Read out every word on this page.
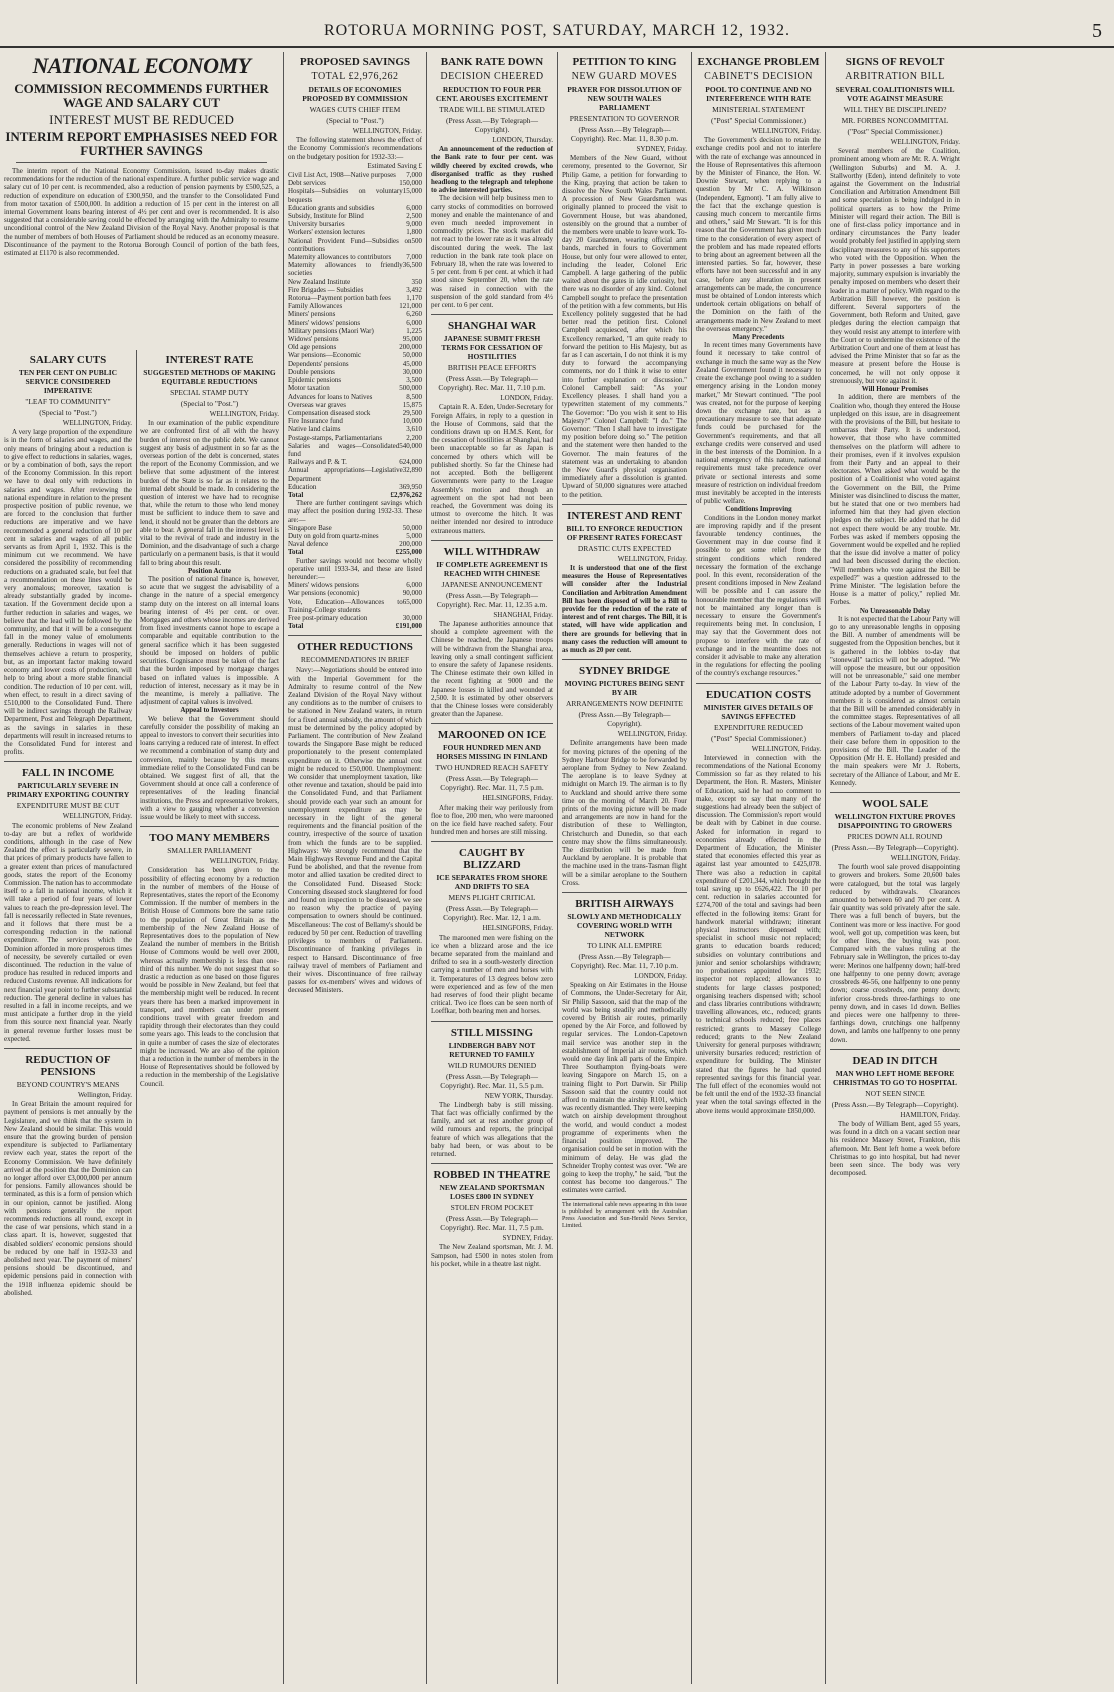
ROTORUA MORNING POST, SATURDAY, MARCH 12, 1932.	5
NATIONAL ECONOMY
COMMISSION RECOMMENDS FURTHER WAGE AND SALARY CUT
INTEREST MUST BE REDUCED
INTERIM REPORT EMPHASISES NEED FOR FURTHER SAVINGS

The interim report of the National Economy Commission, issued to-day makes drastic recommendations for the reduction of the national expenditure. A further public service wage and salary cut of 10 per cent. is recommended, also a reduction of pension payments by £500,525, a reduction of expenditure on education of £300,950, and the transfer to the Consolidated Fund from motor taxation of £500,000. In addition a reduction of 15 per cent in the interest on all internal Government loans bearing interest of 4½ per cent and over is recommended. It is also suggested that a considerable saving could be effected by arranging with the Admiralty to resume unconditional control of the New Zealand Division of the Royal Navy. Another proposal is that the number of members of both Houses of Parliament should be reduced as an economy measure. Discontinuance of the payment to the Rotorua Borough Council of portion of the bath fees, estimated at £1170 is also recommended.

SALARY CUTS
TEN PER CENT ON PUBLIC SERVICE CONSIDERED IMPERATIVE
"LEAF TO COMMUNITY"
(Special to "Post.")
WELLINGTON, Friday.

A very large proportion of the expenditure is in the form of salaries and wages, and the only means of bringing about a reduction is to give effect to reductions in salaries, wages, or by a combination of both, says the report of the Economy Commission. In this report we have to deal only with reductions in salaries and wages. After reviewing the national expenditure in relation to the present prospective position of public revenue, we are forced to the conclusion that further reductions are imperative and we have recommended a general reduction of 10 per cent in salaries and wages of all public servants as from April 1, 1932. This is the minimum cut we recommend. We have considered the possibility of recommending reductions on a graduated scale, but feel that a recommendation on these lines would be very anomalous; moreover, taxation is already substantially graded by income-taxation. If the Government decide upon a further reduction in salaries and wages, we believe that the lead will be followed by the community, and that it will be a consequent fall in the money value of emoluments generally. Reductions in wages will not of themselves achieve a return to prosperity, but, as an important factor making toward economy and lower costs of production, will help to bring about a more stable financial condition. The reduction of 10 per cent. will, when effect, to result in a direct saving of £510,000 to the Consolidated Fund. There will be indirect savings through the Railway Department, Post and Telegraph Department, as the savings in salaries in these departments will result in increased returns to the Consolidated Fund for interest and profits.

FALL IN INCOME
PARTICULARLY SEVERE IN PRIMARY EXPORTING COUNTRY
EXPENDITURE MUST BE CUT
WELLINGTON, Friday.

The economic problems of New Zealand to-day are but a reflex of worldwide conditions, although in the case of New Zealand the effect is particularly severe, in that prices of primary products have fallen to a greater extent than prices of manufactured goods, states the report of the Economy Commission. The nation has to accommodate itself to a fall in national income, which it will take a period of four years of lower values to reach the pre-depression level. The fall is necessarily reflected in State revenues, and it follows that there must be a corresponding reduction in the national expenditure. The services which the Dominion afforded in more prosperous times of necessity, be severely curtailed or even discontinued. The reduction in the value of produce has resulted in reduced imports and reduced Customs revenue. All indications for next financial year point to further substantial reduction. The general decline in values has resulted in a fall in income receipts, and we must anticipate a further drop in the yield from this source next financial year. Nearly in general revenue further losses must be expected.

REDUCTION OF PENSIONS
BEYOND COUNTRY'S MEANS
Wellington, Friday.

In Great Britain the amount required for payment of pensions is met annually by the Legislature, and we think that the system in New Zealand should be similar. This would ensure that the growing burden of pension expenditure is subjected to Parliamentary review each year, states the report of the Economy Commission. We have definitely arrived at the position that the Dominion can no longer afford over £3,000,000 per annum for pensions. Family allowances should be terminated, as this is a form of pension which in our opinion, cannot be justified. Along with pensions generally the report recommends reductions all round, except in the case of war pensions, which stand in a class apart. It is, however, suggested that disabled soldiers' economic pensions should be reduced by one half in 1932-33 and abolished next year. The payment of miners' pensions should be discontinued, and epidemic pensions paid in connection with the 1918 influenza epidemic should be abolished.

INTEREST RATE
SUGGESTED METHODS OF MAKING EQUITABLE REDUCTIONS
SPECIAL STAMP DUTY
(Special to "Post.")
WELLINGTON, Friday.

In our examination of the public expenditure we are confronted first of all with the heavy burden of interest on the public debt. We cannot suggest any basis of adjustment in so far as the overseas portion of the debt is concerned, states the report of the Economy Commission, and we believe that some adjustment of the interest burden of the State is so far as it relates to the internal debt should be made. In considering the question of interest we have had to recognise that, while the return to those who lend money must be sufficient to induce them to save and lend, it should not be greater than the debtors are able to bear. A general fall in the interest level is vital to the revival of trade and industry in the Dominion, and the disadvantage of such a charge particularly on a permanent basis, is that it would fall to bring about this result.

Position Acute

The position of national finance is, however, so acute that we suggest the advisability of a change in the nature of a special emergency stamp duty on the interest on all internal loans bearing interest of 4½ per cent. or over. Mortgages and others whose incomes are derived from fixed investments cannot hope to escape a comparable and equitable contribution to the general sacrifice which it has been suggested should be imposed on holders of public securities. Cognisance must be taken of the fact that the burden imposed by mortgage charges based on inflated values is impossible. A reduction of interest, necessary as it may be in the meantime, is merely a palliative. The adjustment of capital values is involved.

Appeal to Investors

We believe that the Government should carefully consider the possibility of making an appeal to investors to convert their securities into loans carrying a reduced rate of interest. In effect we recommend a combination of stamp duty and conversion, mainly because by this means immediate relief to the Consolidated Fund can be obtained. We suggest first of all, that the Government should at once call a conference of representatives of the leading financial institutions, the Press and representative brokers, with a view to gauging whether a conversion issue would be likely to meet with success.

TOO MANY MEMBERS
SMALLER PARLIAMENT
WELLINGTON, Friday.

Consideration has been given to the possibility of effecting economy by a reduction in the number of members of the House of Representatives, states the report of the Economy Commission. If the number of members in the British House of Commons bore the same ratio to the population of Great Britain as the membership of the New Zealand House of Representatives does to the population of New Zealand the number of members in the British House of Commons would be well over 2000, whereas actually membership is less than one-third of this number. We do not suggest that so drastic a reduction as one based on those figures would be possible in New Zealand, but feel that the membership might well be reduced. In recent years there has been a marked improvement in transport, and members can under present conditions travel with greater freedom and rapidity through their electorates than they could some years ago. This leads to the conclusion that in quite a number of cases the size of electorates might be increased. We are also of the opinion that a reduction in the number of members in the House of Representatives should be followed by a reduction in the membership of the Legislative Council.

PROPOSED SAVINGS
TOTAL £2,976,262
DETAILS OF ECONOMIES PROPOSED BY COMMISSION
WAGES CUTS CHIEF ITEM
(Special to "Post.")
WELLINGTON, Friday.

The following statement shows the effect of the Economy Commission's recommendations on the budgetary position for 1932-33:—

Estimated Saving £
Civil List Act, 1908—Native purposes 7,000
Debt services	150,000
Hospitals—Subsidies on voluntary bequests
15,000
Education grants and subsidies	6,000
Subsidy, Institute for Blind	2,500
University bursaries	9,000
Workers' extension lectures	1,800
National Provident Fund—Subsidies on contributions
500
Maternity allowances to contributors 7,000
Maternity allowances to friendly societies
36,500
New Zealand Institute	350
Fire Brigades — Subsidies	3,492
Rotorua—Payment portion bath fees 1,170
Family Allowances	121,000
Miners' pensions	6,260
Miners' widows' pensions	6,000
Military pensions (Maori War)	1,225
Widows' pensions	95,000
Old age pensions	200,000
War pensions—Economic	50,000
Dependents' pensions	45,000
Double pensions	30,000
Epidemic pensions	3,500
Motor taxation	500,000
Advances for loans to Natives	8,500
Overseas war graves	15,875
Compensation diseased stock	29,500
Fire Insurance fund	10,000
Native land claims	3,610
Postage-stamps, Parliamentarians	2,200
Salaries and wages—Consolidated fund
540,000
Railways and P. & T.	624,000
Annual appropriations—Legislative Department
32,890
Education	369,950
Total	£2,976,262

There are further contingent savings which may affect the position during 1932-33. These are:—

Singapore Base	50,000
Duty on gold from quartz-mines	5,000
Naval defence	200,000
Total	£255,000

Further savings would not become wholly operative until 1933-34, and these are listed hereunder:—

Miners' widows pensions	6,000
War pensions (economic)	90,000
Vote, Education—Allowances to Training-College students
65,000
Free post-primary education	30,000
Total	£191,000
OTHER REDUCTIONS
RECOMMENDATIONS IN BRIEF

Navy:—Negotiations should be entered into with the Imperial Government for the Admiralty to resume control of the New Zealand Division of the Royal Navy without any conditions as to the number of cruisers to be stationed in New Zealand waters, in return for a fixed annual subsidy, the amount of which must be determined by the policy adopted by Parliament. The contribution of New Zealand towards the Singapore Base might be reduced proportionately to the present contemplated expenditure on it. Otherwise the annual cost might be reduced to £50,000. Unemployment: We consider that unemployment taxation, like other revenue and taxation, should be paid into the Consolidated Fund, and that Parliament should provide each year such an amount for unemployment expenditure as may be necessary in the light of the general requirements and the financial position of the country, irrespective of the source of taxation from which the funds are to be supplied. Highways: We strongly recommend that the Main Highways Revenue Fund and the Capital Fund be abolished, and that the revenue from motor and allied taxation be credited direct to the Consolidated Fund. Diseased Stock: Concerning diseased stock slaughtered for food and found on inspection to be diseased, we see no reason why the practice of paying compensation to owners should be continued. Miscellaneous: The cost of Bellamy's should be reduced by 50 per cent. Reduction of travelling privileges to members of Parliament. Discontinuance of franking privileges in respect to Hansard. Discontinuance of free railway travel of members of Parliament and their wives. Discontinuance of free railway passes for ex-members' wives and widows of deceased Ministers.

BANK RATE DOWN
DECISION CHEERED
REDUCTION TO FOUR PER CENT. AROUSES EXCITEMENT
TRADE WILL BE STIMULATED
(Press Assn.—By Telegraph—Copyright).
LONDON, Thursday.

An announcement of the reduction of the Bank rate to four per cent. was wildly cheered by excited crowds, who disorganised traffic as they rushed headlong to the telegraph and telephone to advise interested parties.

The decision will help business men to carry stocks of commodities on borrowed money and enable the maintenance of and even much needed improvement in commodity prices. The stock market did not react to the lower rate as it was already discounted during the week. The last reduction in the bank rate took place on February 18, when the rate was lowered to 5 per cent. from 6 per cent. at which it had stood since September 20, when the rate was raised in connection with the suspension of the gold standard from 4½ per cent. to 6 per cent.

SHANGHAI WAR
JAPANESE SUBMIT FRESH TERMS FOR CESSATION OF HOSTILITIES
BRITISH PEACE EFFORTS
(Press Assn.—By Telegraph—Copyright). Rec. Mar. 11, 7.10 p.m.
LONDON, Friday.

Captain R. A. Eden, Under-Secretary for Foreign Affairs, in reply to a question in the House of Commons, said that the conditions drawn up on H.M.S. Kent, for the cessation of hostilities at Shanghai, had been unacceptable so far as Japan is concerned by others which will be published shortly. So far the Chinese had not accepted. Both the belligerent Governments were party to the League Assembly's motion and though an agreement on the spot had not been reached, the Government was doing its utmost to overcome the hitch. It was neither intended nor desired to introduce extraneous matters.

WILL WITHDRAW
IF COMPLETE AGREEMENT IS REACHED WITH CHINESE
JAPANESE ANNOUNCEMENT
(Press Assn.—By Telegraph—Copyright). Rec. Mar. 11, 12.35 a.m.
SHANGHAI, Friday.

The Japanese authorities announce that should a complete agreement with the Chinese be reached, the Japanese troops will be withdrawn from the Shanghai area, leaving only a small contingent sufficient to ensure the safety of Japanese residents. The Chinese estimate their own killed in the recent fighting at 9000 and the Japanese losses in killed and wounded at 2,500. It is estimated by other observers that the Chinese losses were considerably greater than the Japanese.

MAROONED ON ICE
FOUR HUNDRED MEN AND HORSES MISSING IN FINLAND
TWO HUNDRED REACH SAFETY
(Press Assn.—By Telegraph—Copyright). Rec. Mar. 11, 7.5 p.m.
HELSINGFORS, Friday.

After making their way perilously from floe to floe, 200 men, who were marooned on the ice field have reached safety. Four hundred men and horses are still missing.

CAUGHT BY BLIZZARD
ICE SEPARATES FROM SHORE AND DRIFTS TO SEA
MEN'S PLIGHT CRITICAL
(Press Assn.—By Telegraph—Copyright). Rec. Mar. 12, 1 a.m.
HELSINGFORS, Friday.

The marooned men were fishing on the ice when a blizzard arose and the ice became separated from the mainland and drifted to sea in a south-westerly direction carrying a number of men and horses with it. Temperatures of 13 degrees below zero were experienced and as few of the men had reserves of food their plight became critical. Two ice floes can be seen north of Loeffkar, both bearing men and horses.

STILL MISSING
LINDBERGH BABY NOT RETURNED TO FAMILY
WILD RUMOURS DENIED
(Press Assn.—By Telegraph—Copyright). Rec. Mar. 11, 5.5 p.m.
NEW YORK, Thursday.

The Lindbergh baby is still missing. That fact was officially confirmed by the family, and set at rest another group of wild rumours and reports, the principal feature of which was allegations that the baby had been, or was about to be returned.

ROBBED IN THEATRE
NEW ZEALAND SPORTSMAN LOSES £800 IN SYDNEY
STOLEN FROM POCKET
(Press Assn.—By Telegraph—Copyright). Rec. Mar. 11, 7.5 p.m.
SYDNEY, Friday.

The New Zealand sportsman, Mr. J. M. Sampson, had £500 in notes stolen from his pocket, while in a theatre last night.

PETITION TO KING
NEW GUARD MOVES
PRAYER FOR DISSOLUTION OF NEW SOUTH WALES PARLIAMENT
PRESENTATION TO GOVERNOR
(Press Assn.—By Telegraph—Copyright). Rec. Mar. 11, 8.30 p.m.
SYDNEY, Friday.

Members of the New Guard, without ceremony, presented to the Governor, Sir Philip Game, a petition for forwarding to the King, praying that action be taken to dissolve the New South Wales Parliament. A procession of New Guardsmen was originally planned to proceed the visit to Government House, but was abandoned, ostensibly on the ground that a number of the members were unable to leave work. To-day 20 Guardsmen, wearing official arm bands, marched in fours to Government House, but only four were allowed to enter, including the leader, Colonel Eric Campbell. A large gathering of the public waited about the gates in idle curiosity, but there was no disorder of any kind. Colonel Campbell sought to preface the presentation of the petition with a few comments, but His Excellency politely suggested that he had better read the petition first. Colonel Campbell acquiesced, after which his Excellency remarked, "I am quite ready to forward the petition to His Majesty, but as far as I can ascertain, I do not think it is my duty to forward the accompanying comments, nor do I think it wise to enter into further explanation or discussion." Colonel Campbell said: "As your Excellency pleases. I shall hand you a typewritten statement of my comments." The Governor: "Do you wish it sent to His Majesty?" Colonel Campbell: "I do." The Governor: "Then I shall have to investigate my position before doing so." The petition and the statement were then handed to the Governor. The main features of the statement was an undertaking to abandon the New Guard's physical organisation immediately after a dissolution is granted. Upward of 50,000 signatures were attached to the petition.

INTEREST AND RENT
BILL TO ENFORCE REDUCTION OF PRESENT RATES FORECAST
DRASTIC CUTS EXPECTED
WELLINGTON, Friday.

It is understood that one of the first measures the House of Representatives will consider after the Industrial Conciliation and Arbitration Amendment Bill has been disposed of will be a Bill to provide for the reduction of the rate of interest and of rent charges. The Bill, it is stated, will have wide application and there are grounds for believing that in many cases the reduction will amount to as much as 20 per cent.

SYDNEY BRIDGE
MOVING PICTURES BEING SENT BY AIR
ARRANGEMENTS NOW DEFINITE
(Press Assn.—By Telegraph—Copyright).
WELLINGTON, Friday.

Definite arrangements have been made for moving pictures of the opening of the Sydney Harbour Bridge to be forwarded by aeroplane from Sydney to New Zealand. The aeroplane is to leave Sydney at midnight on March 19. The airman is to fly to Auckland and should arrive there some time on the morning of March 20. Four prints of the moving picture will be made and arrangements are now in hand for the distribution of these to Wellington, Christchurch and Dunedin, so that each centre may show the films simultaneously. The distribution will be made from Auckland by aeroplane. It is probable that the machine used in the trans-Tasman flight will be a similar aeroplane to the Southern Cross.

BRITISH AIRWAYS
SLOWLY AND METHODICALLY COVERING WORLD WITH NETWORK
TO LINK ALL EMPIRE
(Press Assn.—By Telegraph—Copyright). Rec. Mar. 11, 7.10 p.m.
LONDON, Friday.

Speaking on Air Estimates in the House of Commons, the Under-Secretary for Air, Sir Philip Sassoon, said that the map of the world was being steadily and methodically covered by British air routes, primarily opened by the Air Force, and followed by regular services. The London-Capetown mail service was another step in the establishment of Imperial air routes, which would one day link all parts of the Empire. Three Southampton flying-boats were leaving Singapore on March 15, on a training flight to Port Darwin. Sir Philip Sassoon said that the country could not afford to maintain the airship R101, which was recently dismantled. They were keeping watch on airship development throughout the world, and would conduct a modest programme of experiments when the financial position improved. The organisation could be set in motion with the minimum of delay. He was glad the Schneider Trophy contest was over. "We are going to keep the trophy," he said, "but the contest has become too dangerous." The estimates were carried.

The international cable news appearing in this issue is published by arrangement with the Australian Press Association and Sun-Herald News Service, Limited.
EXCHANGE PROBLEM
CABINET'S DECISION
POOL TO CONTINUE AND NO INTERFERENCE WITH RATE
MINISTERIAL STATEMENT
("Post" Special Commissioner.)
WELLINGTON, Friday.

The Government's decision to retain the exchange credits pool and not to interfere with the rate of exchange was announced in the House of Representatives this afternoon by the Minister of Finance, the Hon. W. Downie Stewart, when replying to a question by Mr C. A. Wilkinson (Independent, Egmont). "I am fully alive to the fact that the exchange question is causing much concern to mercantile firms and others," said Mr Stewart. "It is for this reason that the Government has given much time to the consideration of every aspect of the problem and has made repeated efforts to bring about an agreement between all the interested parties. So far, however, these efforts have not been successful and in any case, before any alteration in present arrangements can be made, the concurrence must be obtained of London interests which undertook certain obligations on behalf of the Dominion on the faith of the arrangements made in New Zealand to meet the overseas emergency."

Many Precedents

In recent times many Governments have found it necessary to take control of exchange in much the same way as the New Zealand Government found it necessary to create the exchange pool owing to a sudden emergency arising in the London money market," Mr Stewart continued. "The pool was created, not for the purpose of keeping down the exchange rate, but as a precautionary measure to see that adequate funds could be purchased for the Government's requirements, and that all exchange credits were conserved and used in the best interests of the Dominion. In a national emergency of this nature, national requirements must take precedence over private or sectional interests and some measure of restriction on individual freedom must inevitably be accepted in the interests of public welfare.

Conditions Improving

Conditions in the London money market are improving rapidly and if the present favourable tendency continues, the Government may in due course find it possible to get some relief from the stringent conditions which rendered necessary the formation of the exchange pool. In this event, reconsideration of the present conditions imposed in New Zealand will be possible and I can assure the honourable member that the regulations will not be maintained any longer than is necessary to ensure the Government's requirements being met. In conclusion, I may say that the Government does not propose to interfere with the rate of exchange and in the meantime does not consider it advisable to make any alteration in the regulations for effecting the pooling of the country's exchange resources."

EDUCATION COSTS
MINISTER GIVES DETAILS OF SAVINGS EFFECTED
EXPENDITURE REDUCED
("Post" Special Commissioner.)
WELLINGTON, Friday.

Interviewed in connection with the recommendations of the National Economy Commission so far as they related to his Department, the Hon. R. Masters, Minister of Education, said he had no comment to make, except to say that many of the suggestions had already been the subject of discussion. The Commission's report would be dealt with by Cabinet in due course. Asked for information in regard to economies already effected in the Department of Education, the Minister stated that economies effected this year as against last year amounted to £425,078. There was also a reduction in capital expenditure of £201,344, which brought the total saving up to £626,422. The 10 per cent. reduction in salaries accounted for £274,700 of the total and savings had been effected in the following items: Grant for handwork material withdrawn; itinerant physical instructors dispensed with; specialist in school music not replaced; grants to education boards reduced; subsidies on voluntary contributions and junior and senior scholarships withdrawn; no probationers appointed for 1932; inspector not replaced; allowances to students for large classes postponed; organising teachers dispensed with; school and class libraries contributions withdrawn; travelling allowances, etc., reduced; grants to technical schools reduced; free places restricted; grants to Massey College reduced; grants to the New Zealand University for general purposes withdrawn; university bursaries reduced; restriction of expenditure for building. The Minister stated that the figures he had quoted represented savings for this financial year. The full effect of the economies would not be felt until the end of the 1932-33 financial year when the total savings effected in the above items would approximate £850,000.

SIGNS OF REVOLT
ARBITRATION BILL
SEVERAL COALITIONISTS WILL VOTE AGAINST MEASURE
WILL THEY BE DISCIPLINED?
MR. FORBES NONCOMMITTAL
("Post" Special Commissioner.)
WELLINGTON, Friday.

Several members of the Coalition, prominent among whom are Mr. R. A. Wright (Wellington Suburbs) and M. A. J. Stallworthy (Eden), intend definitely to vote against the Government on the Industrial Conciliation and Arbitration Amendment Bill and some speculation is being indulged in in political quarters as to how the Prime Minister will regard their action. The Bill is one of first-class policy importance and in ordinary circumstances the Party leader would probably feel justified in applying stern disciplinary measures to any of his supporters who voted with the Opposition. When the Party in power possesses a bare working majority, summary expulsion is invariably the penalty imposed on members who desert their leader in a matter of policy. With regard to the Arbitration Bill however, the position is different. Several supporters of the Government, both Reform and United, gave pledges during the election campaign that they would resist any attempt to interfere with the Court or to undermine the existence of the Arbitration Court and one of them at least has advised the Prime Minister that so far as the measure at present before the House is concerned, he will not only oppose it strenuously, but vote against it.

Will Honour Promises

In addition, there are members of the Coalition who, though they entered the House unpledged on this issue, are in disagreement with the provisions of the Bill, but hesitate to embarrass their Party. It is understood, however, that those who have committed themselves on the platform will adhere to their promises, even if it involves expulsion from their Party and an appeal to their electorates. When asked what would be the position of a Coalitionist who voted against the Government on the Bill, the Prime Minister was disinclined to discuss the matter, but he stated that one or two members had informed him that they had given election pledges on the subject. He added that he did not expect there would be any trouble. Mr. Forbes was asked if members opposing the Government would be expelled and he replied that the issue did involve a matter of policy and had been discussed during the election. "Will members who vote against the Bill be expelled?" was a question addressed to the Prime Minister. "The legislation before the House is a matter of policy," replied Mr. Forbes.

No Unreasonable Delay

It is not expected that the Labour Party will go to any unreasonable lengths in opposing the Bill. A number of amendments will be suggested from the Opposition benches, but it is gathered in the lobbies to-day that "stonewall" tactics will not be adopted. "We will oppose the measure, but our opposition will not be unreasonable," said one member of the Labour Party to-day. In view of the attitude adopted by a number of Government members it is considered as almost certain that the Bill will be amended considerably in the committee stages. Representatives of all sections of the Labour movement waited upon members of Parliament to-day and placed their case before them in opposition to the provisions of the Bill. The Leader of the Opposition (Mr H. E. Holland) presided and the main speakers were Mr J. Roberts, secretary of the Alliance of Labour, and Mr E. Kennedy.

WOOL SALE
WELLINGTON FIXTURE PROVES DISAPPOINTING TO GROWERS
PRICES DOWN ALL ROUND
(Press Assn.—By Telegraph—Copyright).
WELLINGTON, Friday.

The fourth wool sale proved disappointing to growers and brokers. Some 20,600 bales were catalogued, but the total was largely reduced by withdrawals. Clearances amounted to between 60 and 70 per cent. A fair quantity was sold privately after the sale. There was a full bench of buyers, but the Continent was more or less inactive. For good wool, well got up, competition was keen, but for other lines, the buying was poor. Compared with the values ruling at the February sale in Wellington, the prices to-day were: Merinos one halfpenny down; half-bred one halfpenny to one penny down; average crossbreds 46-56, one halfpenny to one penny down; coarse crossbreds, one penny down; inferior cross-breds three-farthings to one penny down, and in cases 1d down. Bellies and pieces were one halfpenny to three-farthings down, crutchings one halfpenny down, and lambs one halfpenny to one penny down.

DEAD IN DITCH
MAN WHO LEFT HOME BEFORE CHRISTMAS TO GO TO HOSPITAL
NOT SEEN SINCE
(Press Assn.—By Telegraph—Copyright).
HAMILTON, Friday.

The body of William Bent, aged 55 years, was found in a ditch on a vacant section near his residence Massey Street, Frankton, this afternoon. Mr. Bent left home a week before Christmas to go into hospital, but had never been seen since. The body was very decomposed.
